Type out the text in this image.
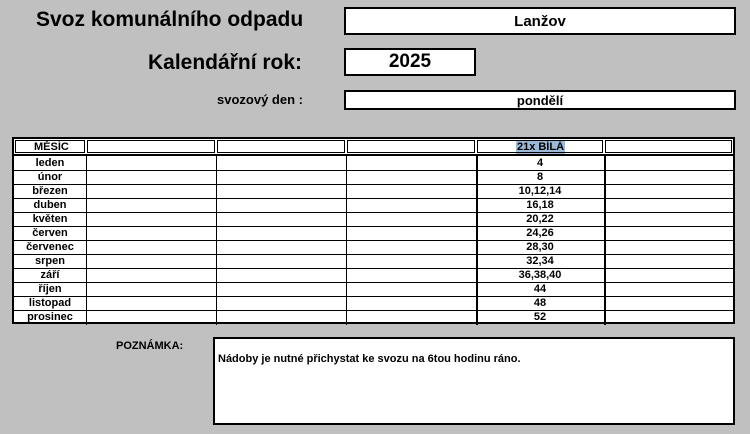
Svoz komunálního odpadu	Lanžov
Kalendářní rok:	2025
svozový den :	pondělí
MĚSÍC	21x BÍLÁ
leden	4
únor	8
březen	10,12,14
duben	16,18
květen	20,22
červen	24,26
červenec	28,30
srpen	32,34
září	36,38,40
říjen	44
listopad	48
prosinec	52
POZNÁMKA:
Nádoby je nutné přichystat ke svozu na 6tou hodinu ráno.
